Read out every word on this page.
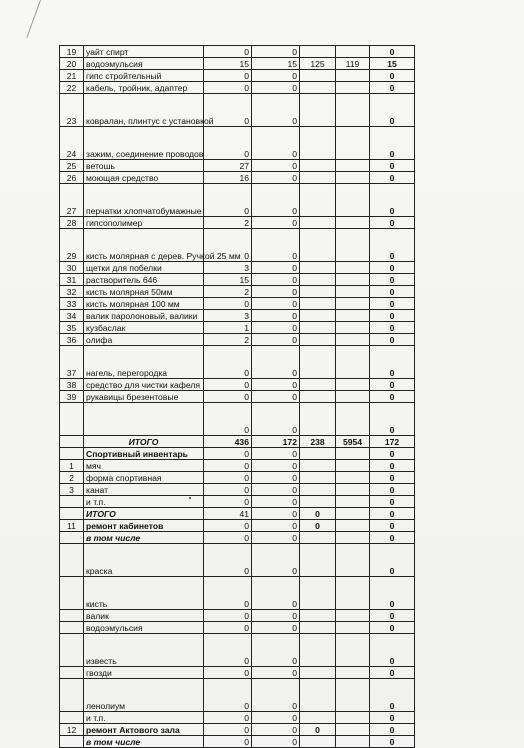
19	уайт спирт	0	0			0
20	водоэмульсия	15	15	125	119	15
21	гипс стройтельный	0	0			0
22	кабель, тройник, адаптер	0	0			0
23	ковралан, плинтус с установкой	0	0			0
24	зажим, соединение проводов	0	0			0
25	ветошь	27	0			0
26	моющая средство	16	0			0
27	перчатки хлопчатобумажные	0	0			0
28	гипсополимер	2	0			0
29	кисть молярная с дерев. Ручкой 25 мм	0	0			0
30	щетки для побелки	3	0			0
31	растворитель 646	15	0			0
32	кисть молярная 50мм	2	0			0
33	кисть молярная 100 мм	0	0			0
34	валик паролоновый, валики	3	0			0
35	кузбаслак	1	0			0
36	олифа	2	0			0
37	нагель, перегородка	0	0			0
38	средство для чистки кафеля	0	0			0
39	рукавицы брезентовые	0	0			0
		0	0			0
	ИТОГО	436	172	238	5954	172
	Спортивный инвентарь	0	0			0
1	мяч	0	0			0
2	форма спортивная	0	0			0
3	канат	0	0			0
	и т.п.	0	0			0
	ИТОГО	41	0	0		0
11	ремонт кабинетов	0	0	0		0
	в том числе	0	0			0
	краска	0	0			0
	кисть	0	0			0
	валик	0	0			0
	водоэмульсия	0	0			0
	известь	0	0			0
	гвозди	0	0			0
	ленолиум	0	0			0
	и т.п.	0	0			0
12	ремонт Актового зала	0	0	0		0
	в том числе	0	0			0
